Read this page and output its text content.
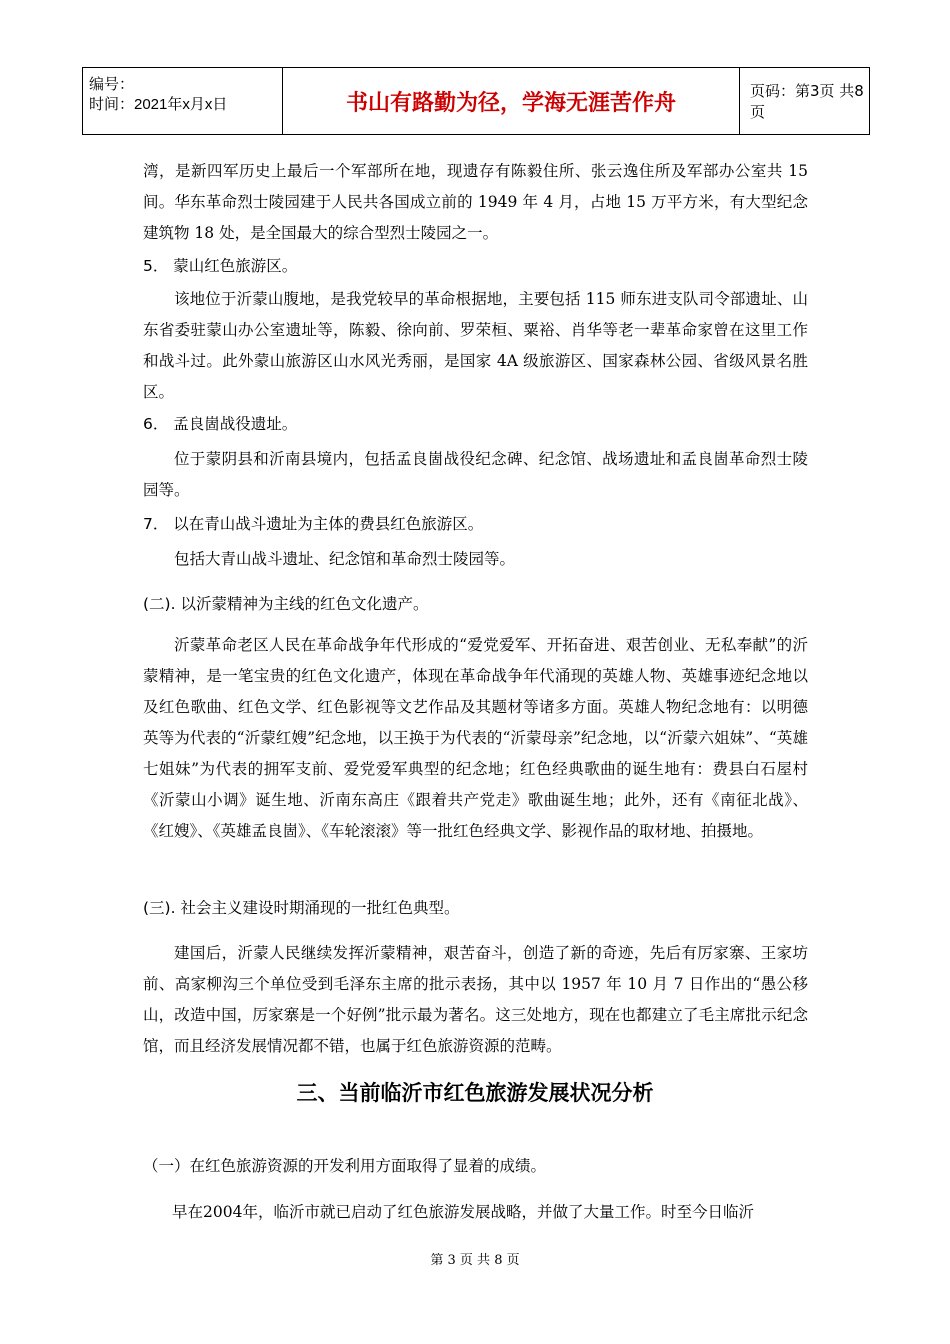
编号：
时间：2021年x月x日	书山有路勤为径，学海无涯苦作舟	页码：第3页 共8页

湾，是新四军历史上最后一个军部所在地，现遗存有陈毅住所、张云逸住所及军部办公室共 15 间。华东革命烈士陵园建于人民共各国成立前的 1949 年 4 月，占地 15 万平方米，有大型纪念建筑物 18 处，是全国最大的综合型烈士陵园之一。

5． 蒙山红色旅游区。

该地位于沂蒙山腹地，是我党较早的革命根据地，主要包括 115 师东进支队司令部遗址、山东省委驻蒙山办公室遗址等，陈毅、徐向前、罗荣桓、粟裕、肖华等老一辈革命家曾在这里工作和战斗过。此外蒙山旅游区山水风光秀丽，是国家 4A 级旅游区、国家森林公园、省级风景名胜区。

6． 孟良崮战役遗址。

位于蒙阴县和沂南县境内，包括孟良崮战役纪念碑、纪念馆、战场遗址和孟良崮革命烈士陵园等。

7． 以在青山战斗遗址为主体的费县红色旅游区。

包括大青山战斗遗址、纪念馆和革命烈士陵园等。

(二). 以沂蒙精神为主线的红色文化遗产。

沂蒙革命老区人民在革命战争年代形成的“爱党爱军、开拓奋进、艰苦创业、无私奉献”的沂蒙精神，是一笔宝贵的红色文化遗产，体现在革命战争年代涌现的英雄人物、英雄事迹纪念地以及红色歌曲、红色文学、红色影视等文艺作品及其题材等诸多方面。英雄人物纪念地有：以明德英等为代表的“沂蒙红嫂”纪念地，以王换于为代表的“沂蒙母亲”纪念地，以“沂蒙六姐妹”、“英雄七姐妹”为代表的拥军支前、爱党爱军典型的纪念地；红色经典歌曲的诞生地有：费县白石屋村《沂蒙山小调》诞生地、沂南东高庄《跟着共产党走》歌曲诞生地；此外，还有《南征北战》、《红嫂》、《英雄孟良崮》、《车轮滚滚》等一批红色经典文学、影视作品的取材地、拍摄地。

(三). 社会主义建设时期涌现的一批红色典型。

建国后，沂蒙人民继续发挥沂蒙精神，艰苦奋斗，创造了新的奇迹，先后有厉家寨、王家坊前、高家柳沟三个单位受到毛泽东主席的批示表扬，其中以 1957 年 10 月 7 日作出的“愚公移山，改造中国，厉家寨是一个好例”批示最为著名。这三处地方，现在也都建立了毛主席批示纪念馆，而且经济发展情况都不错，也属于红色旅游资源的范畴。

三、当前临沂市红色旅游发展状况分析

（一）在红色旅游资源的开发利用方面取得了显着的成绩。

早在2004年，临沂市就已启动了红色旅游发展战略，并做了大量工作。时至今日临沂

第 3 页 共 8 页
